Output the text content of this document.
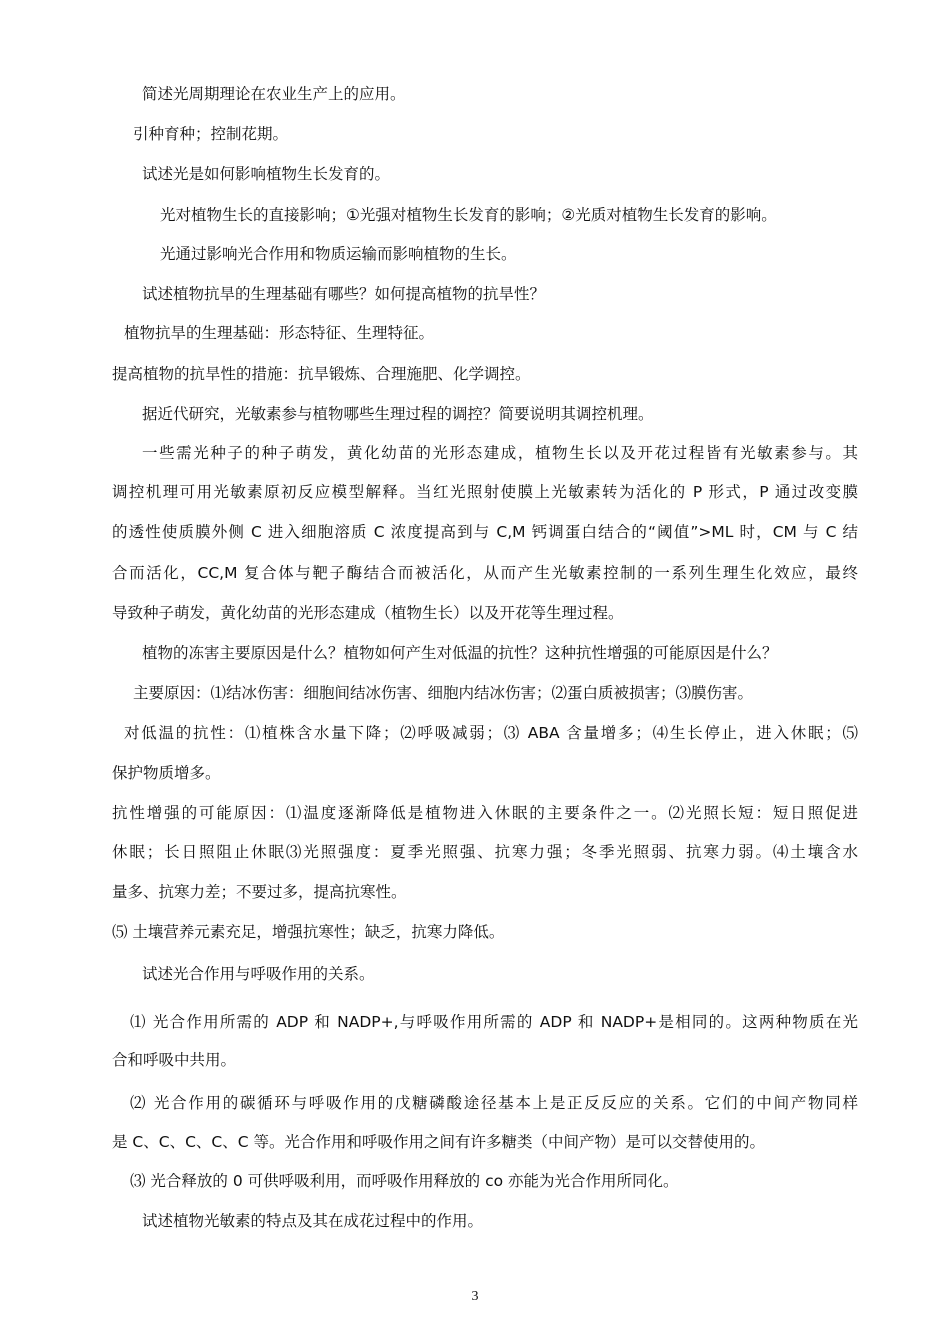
简述光周期理论在农业生产上的应用。
引种育种；控制花期。
试述光是如何影响植物生长发育的。
光对植物生长的直接影响；①光强对植物生长发育的影响；②光质对植物生长发育的影响。
光通过影响光合作用和物质运输而影响植物的生长。
试述植物抗旱的生理基础有哪些？如何提高植物的抗旱性？
植物抗旱的生理基础：形态特征、生理特征。
提高植物的抗旱性的措施：抗旱锻炼、合理施肥、化学调控。
据近代研究，光敏素参与植物哪些生理过程的调控？简要说明其调控机理。
一些需光种子的种子萌发，黄化幼苗的光形态建成，植物生长以及开花过程皆有光敏素参与。其
调控机理可用光敏素原初反应模型解释。当红光照射使膜上光敏素转为活化的 P 形式，P 通过改变膜
的透性使质膜外侧 C 进入细胞溶质 C 浓度提高到与 C,M 钙调蛋白结合的“阈值”>ML 时，CM 与 C 结
合而活化，CC,M 复合体与靶子酶结合而被活化，从而产生光敏素控制的一系列生理生化效应，最终
导致种子萌发，黄化幼苗的光形态建成（植物生长）以及开花等生理过程。
植物的冻害主要原因是什么？植物如何产生对低温的抗性？这种抗性增强的可能原因是什么？
主要原因：⑴结冰伤害：细胞间结冰伤害、细胞内结冰伤害；⑵蛋白质被损害；⑶膜伤害。
对低温的抗性：⑴植株含水量下降；⑵呼吸减弱；⑶ ABA 含量增多；⑷生长停止，进入休眠；⑸
保护物质增多。
抗性增强的可能原因：⑴温度逐渐降低是植物进入休眠的主要条件之一。⑵光照长短：短日照促进
休眠；长日照阻止休眠⑶光照强度：夏季光照强、抗寒力强；冬季光照弱、抗寒力弱。⑷土壤含水
量多、抗寒力差；不要过多，提高抗寒性。
⑸ 土壤营养元素充足，增强抗寒性；缺乏，抗寒力降低。
试述光合作用与呼吸作用的关系。
⑴ 光合作用所需的 ADP 和 NADP+,与呼吸作用所需的 ADP 和 NADP+是相同的。这两种物质在光
合和呼吸中共用。
⑵ 光合作用的碳循环与呼吸作用的戊糖磷酸途径基本上是正反反应的关系。它们的中间产物同样
是 C、C、C、C、C 等。光合作用和呼吸作用之间有许多糖类（中间产物）是可以交替使用的。
⑶ 光合释放的 0 可供呼吸利用，而呼吸作用释放的 co 亦能为光合作用所同化。
试述植物光敏素的特点及其在成花过程中的作用。
3
